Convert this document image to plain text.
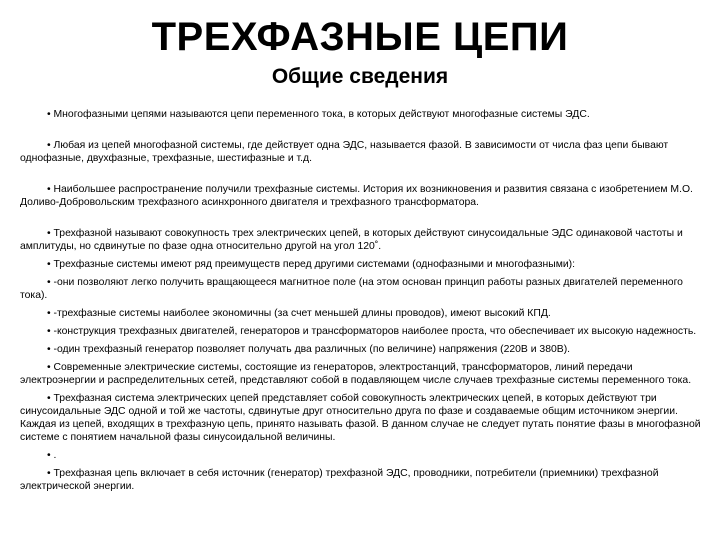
ТРЕХФАЗНЫЕ ЦЕПИ
Общие сведения

• Многофазными цепями называются цепи переменного тока, в которых действуют многофазные системы ЭДС.

• Любая из цепей многофазной системы, где действует одна ЭДС, называется фазой. В зависимости от числа фаз цепи бывают однофазные, двухфазные, трехфазные, шестифазные и т.д.

• Наибольшее распространение получили трехфазные системы. История их возникновения и развития связана с изобретением М.О. Доливо-Добровольским трехфазного асинхронного двигателя и трехфазного трансформатора.

• Трехфазной называют совокупность трех электрических цепей, в которых действуют синусоидальные ЭДС одинаковой частоты и амплитуды, но сдвинутые по фазе одна относительно другой на угол 120˚.

• Трехфазные системы имеют ряд преимуществ перед другими системами (однофазными и многофазными):

• -они позволяют легко получить вращающееся магнитное поле (на этом основан принцип работы разных двигателей переменного тока).

• -трехфазные системы наиболее экономичны (за счет меньшей длины проводов), имеют высокий КПД.

• -конструкция трехфазных двигателей, генераторов и трансформаторов наиболее проста, что обеспечивает их высокую надежность.

• -один трехфазный генератор позволяет получать два различных (по величине) напряжения (220В и 380В).

• Современные электрические системы, состоящие из генераторов, электростанций, трансформаторов, линий передачи электроэнергии и распределительных сетей, представляют собой в подавляющем числе случаев трехфазные системы переменного тока.

• Трехфазная система электрических цепей представляет собой совокупность электрических цепей, в которых действуют три синусоидальные ЭДС одной и той же частоты, сдвинутые друг относительно друга по фазе и создаваемые общим источником энергии. Каждая из цепей, входящих в трехфазную цепь, принято называть фазой. В данном случае не следует путать понятие фазы в многофазной системе с понятием начальной фазы синусоидальной величины.

• .

• Трехфазная цепь включает в себя источник (генератор) трехфазной ЭДС, проводники, потребители (приемники) трехфазной электрической энергии.
